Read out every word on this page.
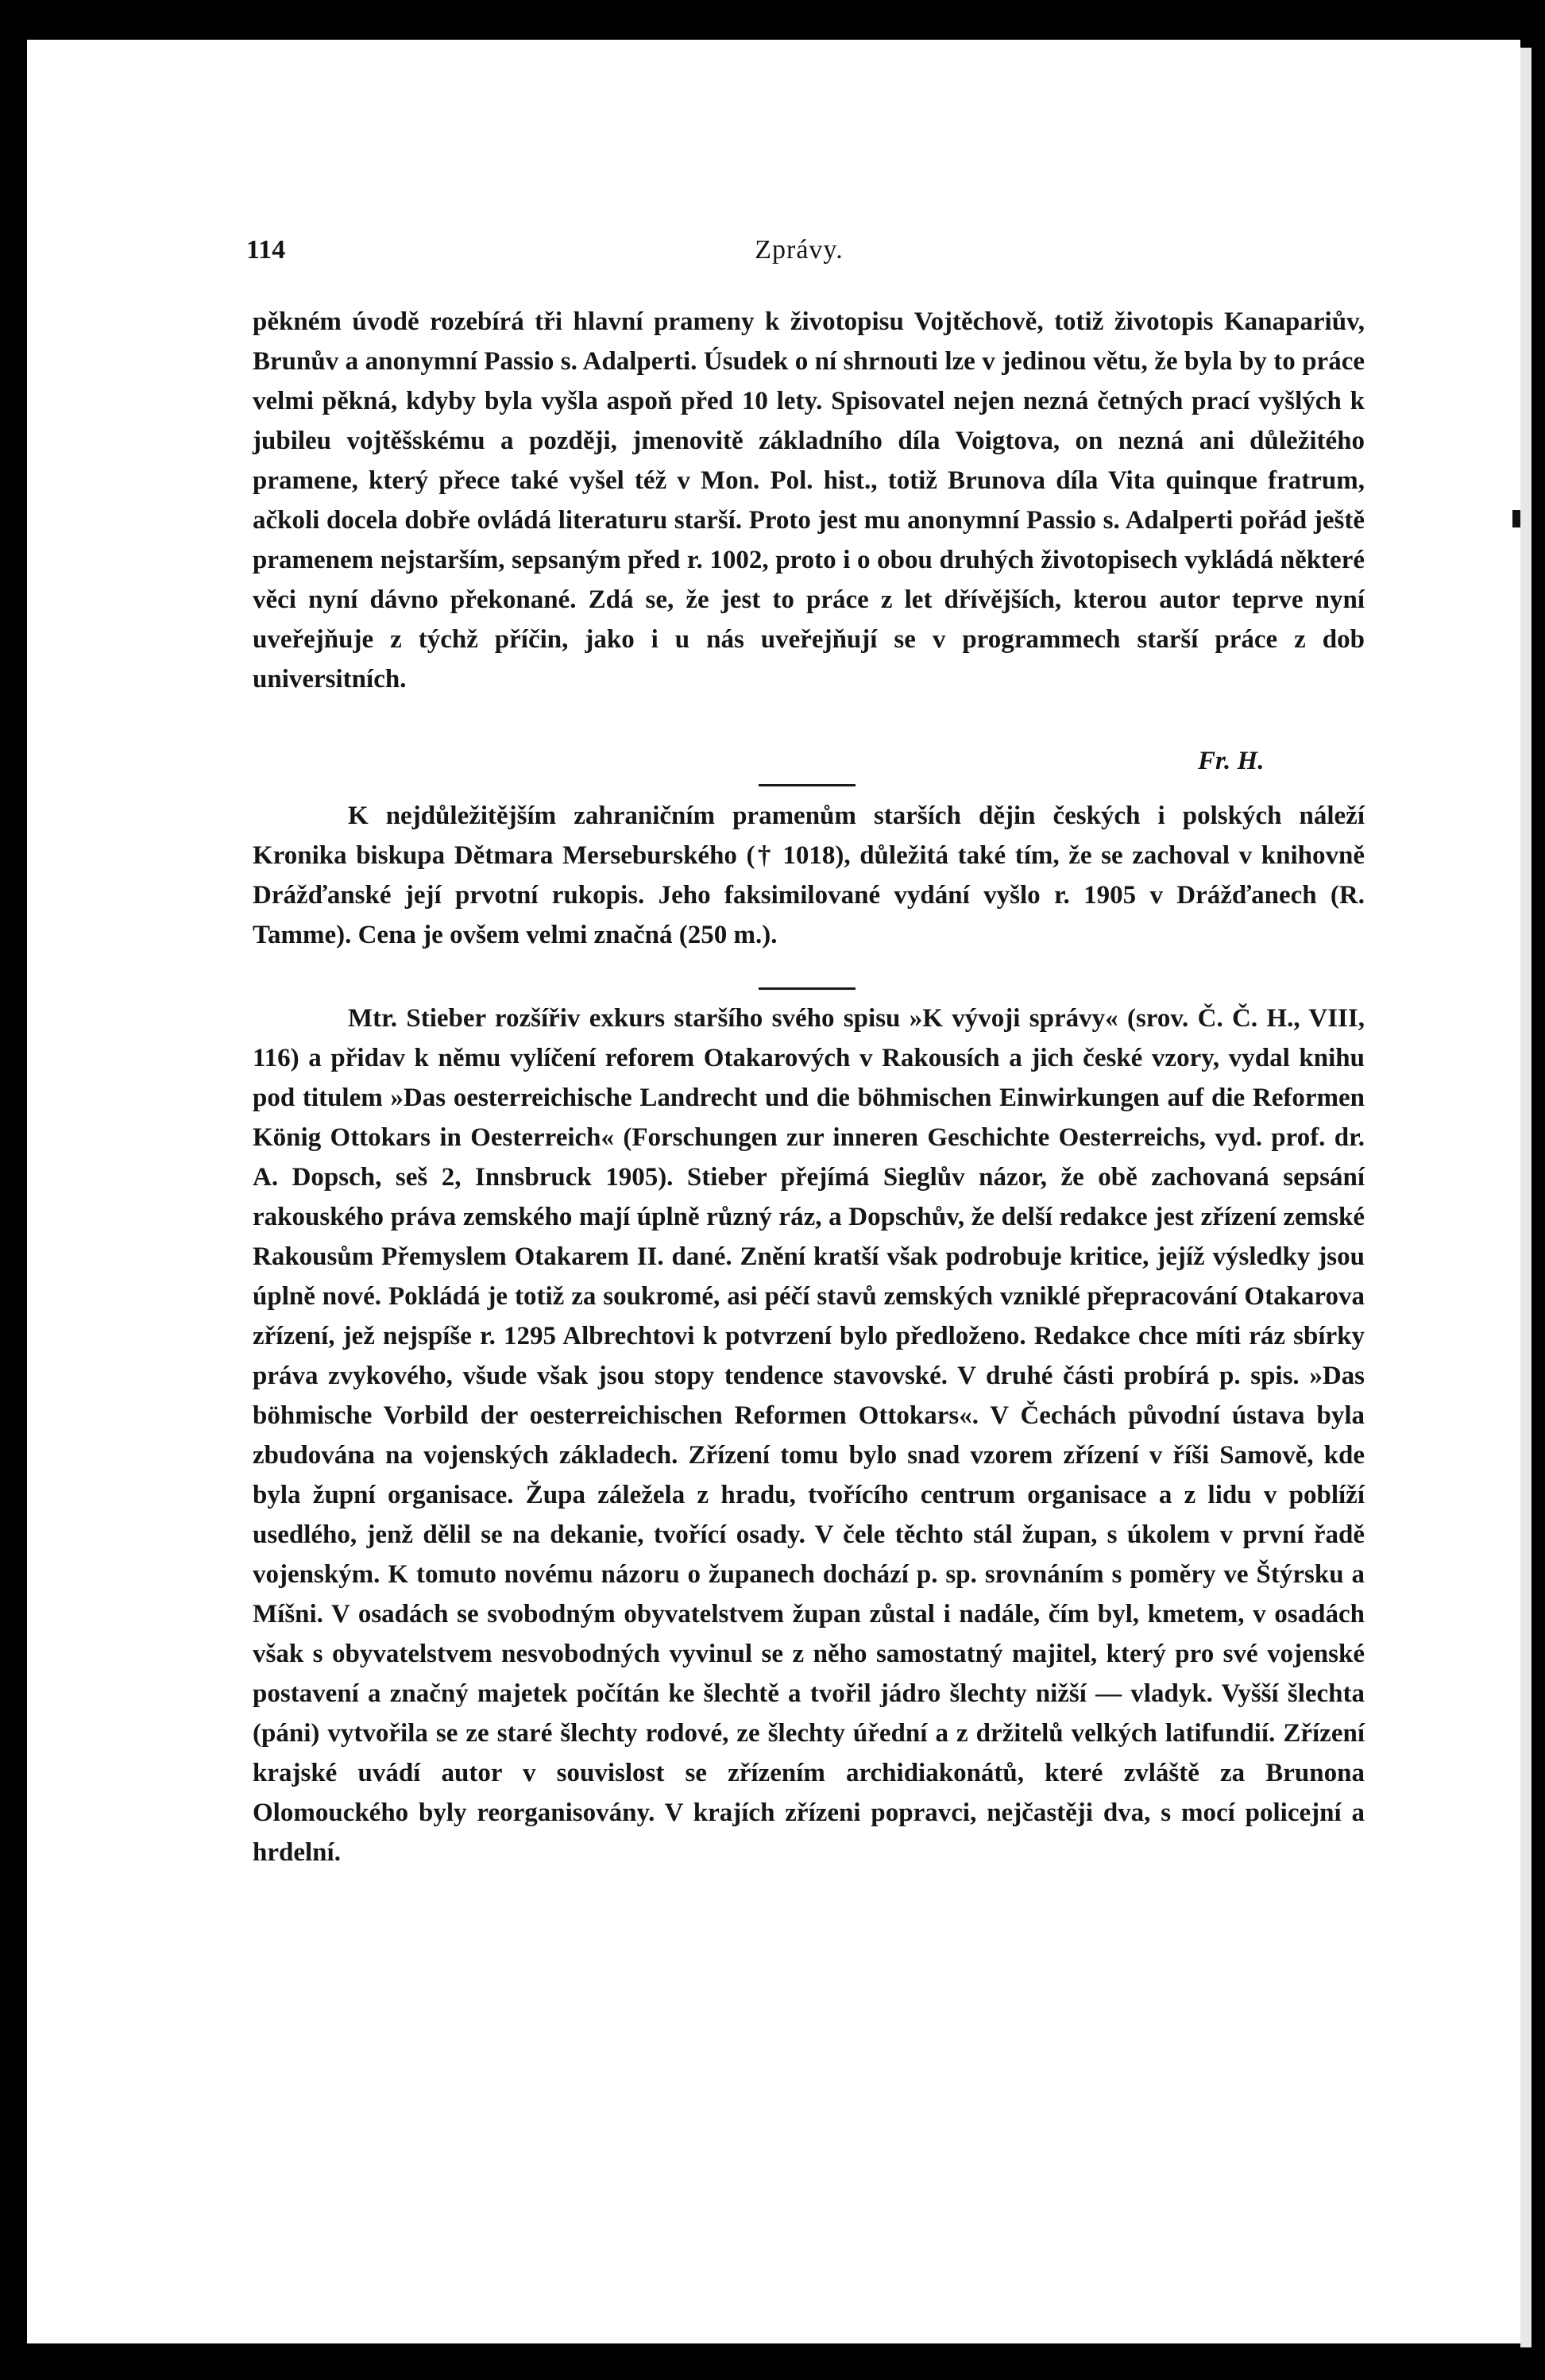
114	Zprávy.

pěkném úvodě rozebírá tři hlavní prameny k životopisu Vojtěchově, totiž životopis Kanapariův, Brunův a anonymní Passio s. Adalperti. Úsudek o ní shrnouti lze v jedinou větu, že byla by to práce velmi pěkná, kdyby byla vyšla aspoň před 10 lety. Spisovatel nejen nezná četných prací vyšlých k jubileu vojtěšskému a později, jmenovitě základního díla Voigtova, on nezná ani důležitého pramene, který přece také vyšel též v Mon. Pol. hist., totiž Brunova díla Vita quinque fratrum, ačkoli docela dobře ovládá literaturu starší. Proto jest mu anonymní Passio s. Adalperti pořád ještě pramenem nejstarším, sepsaným před r. 1002, proto i o obou druhých životopisech vykládá některé věci nyní dávno překonané. Zdá se, že jest to práce z let dřívějších, kterou autor teprve nyní uveřejňuje z týchž příčin, jako i u nás uveřejňují se v programmech starší práce z dob universitních.

Fr. H.

K nejdůležitějším zahraničním pramenům starších dějin českých i polských náleží Kronika biskupa Dětmara Merseburského († 1018), důležitá také tím, že se zachoval v knihovně Drážďanské její prvotní rukopis. Jeho faksimilované vydání vyšlo r. 1905 v Drážďanech (R. Tamme). Cena je ovšem velmi značná (250 m.).

Mtr. Stieber rozšířiv exkurs staršího svého spisu »K vývoji správy« (srov. Č. Č. H., VIII, 116) a přidav k němu vylíčení reforem Otakarových v Rakousích a jich české vzory, vydal knihu pod titulem »Das oesterreichische Landrecht und die böhmischen Einwirkungen auf die Reformen König Ottokars in Oesterreich« (Forschungen zur inneren Geschichte Oesterreichs, vyd. prof. dr. A. Dopsch, seš 2, Innsbruck 1905). Stieber přejímá Sieglův názor, že obě zachovaná sepsání rakouského práva zemského mají úplně různý ráz, a Dopschův, že delší redakce jest zřízení zemské Rakousům Přemyslem Otakarem II. dané. Znění kratší však podrobuje kritice, jejíž výsledky jsou úplně nové. Pokládá je totiž za soukromé, asi péčí stavů zemských vzniklé přepracování Otakarova zřízení, jež nejspíše r. 1295 Albrechtovi k potvrzení bylo předloženo. Redakce chce míti ráz sbírky práva zvykového, všude však jsou stopy tendence stavovské. V druhé části probírá p. spis. »Das böhmische Vorbild der oesterreichischen Reformen Ottokars«. V Čechách původní ústava byla zbudována na vojenských základech. Zřízení tomu bylo snad vzorem zřízení v říši Samově, kde byla župní organisace. Župa záležela z hradu, tvořícího centrum organisace a z lidu v poblíží usedlého, jenž dělil se na dekanie, tvořící osady. V čele těchto stál župan, s úkolem v první řadě vojenským. K tomuto novému názoru o županech dochází p. sp. srovnáním s poměry ve Štýrsku a Míšni. V osadách se svobodným obyvatelstvem župan zůstal i nadále, čím byl, kmetem, v osadách však s obyvatelstvem nesvobodných vyvinul se z něho samostatný majitel, který pro své vojenské postavení a značný majetek počítán ke šlechtě a tvořil jádro šlechty nižší — vladyk. Vyšší šlechta (páni) vytvořila se ze staré šlechty rodové, ze šlechty úřední a z držitelů velkých latifundií. Zřízení krajské uvádí autor v souvislost se zřízením archidiakonátů, které zvláště za Brunona Olomouckého byly reorganisovány. V krajích zřízeni popravci, nejčastěji dva, s mocí policejní a hrdelní.
